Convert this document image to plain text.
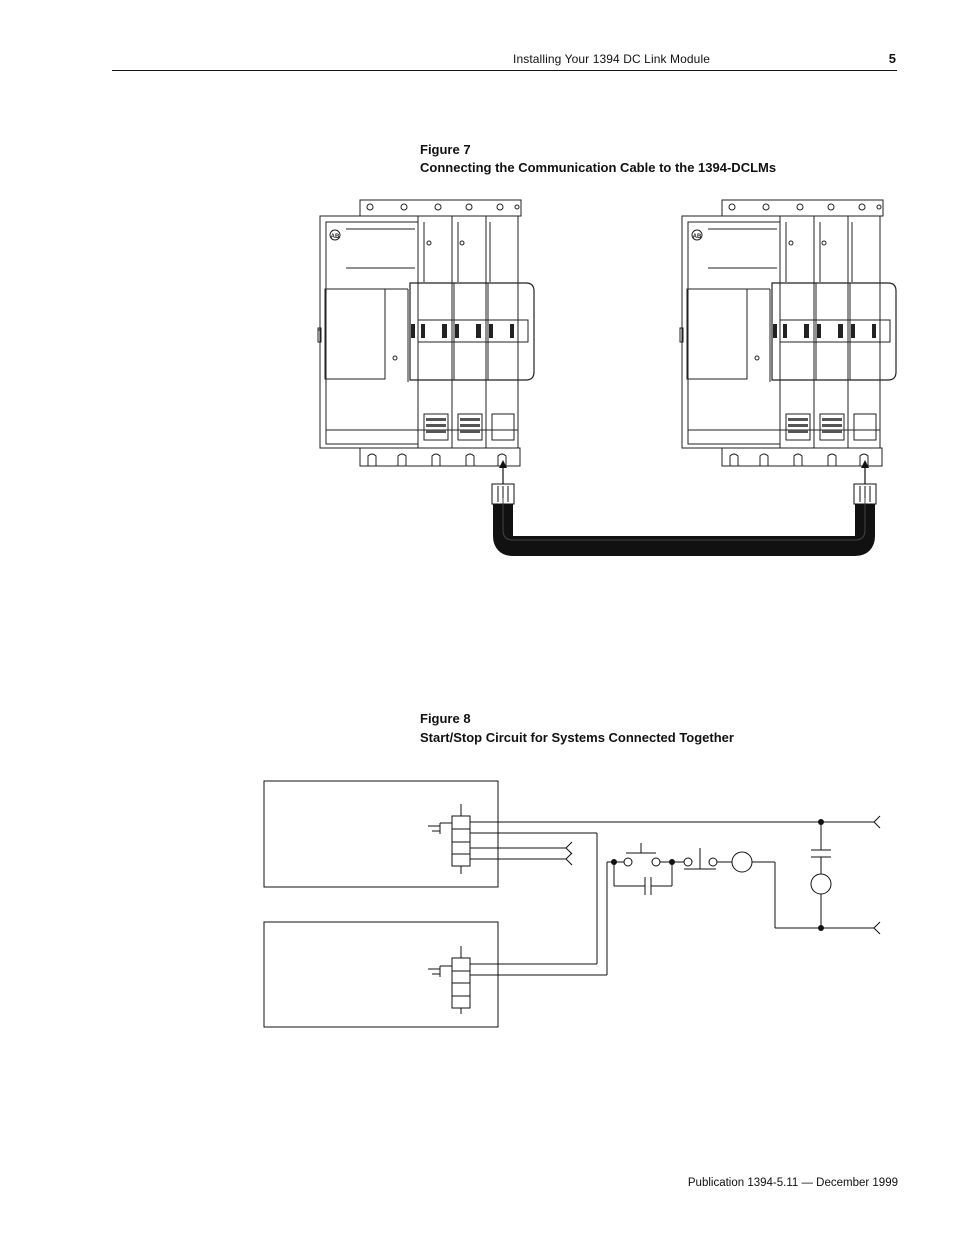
Installing Your 1394 DC Link Module	5
Figure 7
Connecting the Communication Cable to the 1394-DCLMs
AB	AB
Figure 8
Start/Stop Circuit for Systems Connected Together
Publication 1394-5.11 — December 1999
